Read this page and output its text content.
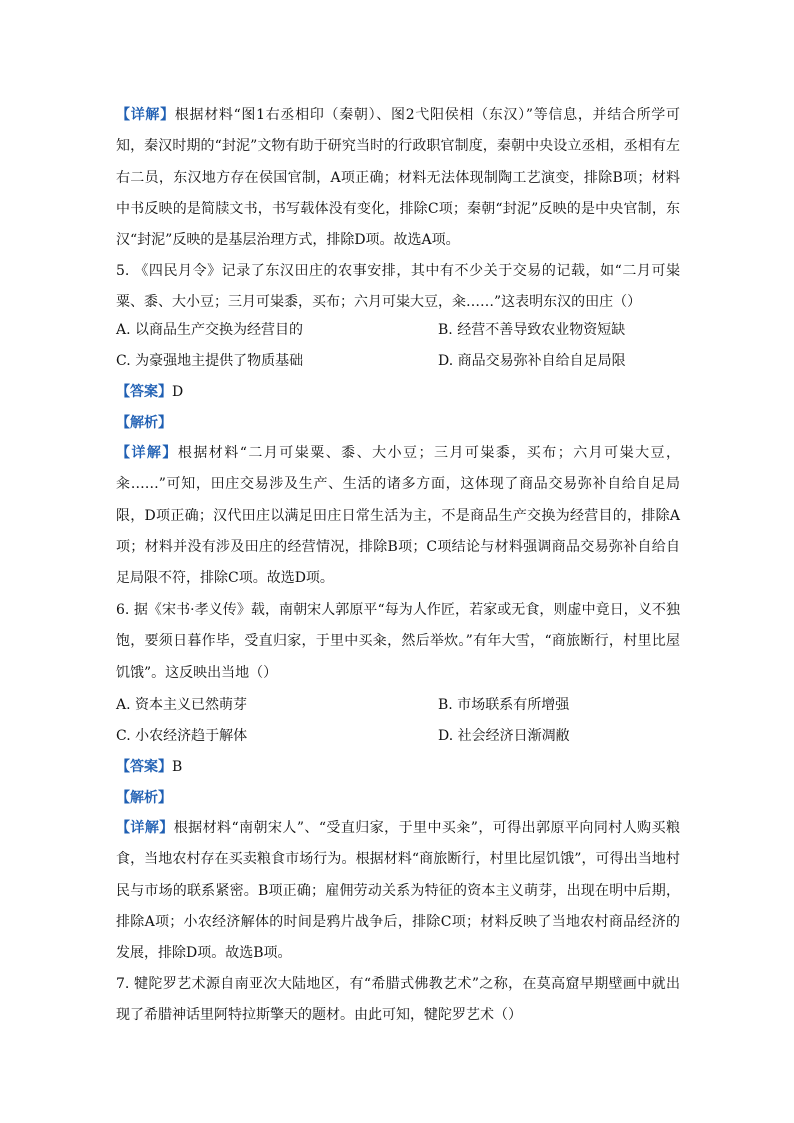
【详解】根据材料“图1右丞相印（秦朝）、图2弋阳侯相（东汉）”等信息，并结合所学可知，秦汉时期的“封泥”文物有助于研究当时的行政职官制度，秦朝中央设立丞相，丞相有左右二员，东汉地方存在侯国官制，A项正确；材料无法体现制陶工艺演变，排除B项；材料中书反映的是简牍文书，书写载体没有变化，排除C项；秦朝“封泥”反映的是中央官制，东汉“封泥”反映的是基层治理方式，排除D项。故选A项。

5. 《四民月令》记录了东汉田庄的农事安排，其中有不少关于交易的记载，如“二月可粜粟、黍、大小豆；三月可粜黍，买布；六月可粜大豆，籴……”这表明东汉的田庄（）

A. 以商品生产交换为经营目的	B. 经营不善导致农业物资短缺
C. 为豪强地主提供了物质基础	D. 商品交易弥补自给自足局限
【答案】D
【解析】

【详解】根据材料“二月可粜粟、黍、大小豆；三月可粜黍，买布；六月可粜大豆，籴……”可知，田庄交易涉及生产、生活的诸多方面，这体现了商品交易弥补自给自足局限，D项正确；汉代田庄以满足田庄日常生活为主，不是商品生产交换为经营目的，排除A项；材料并没有涉及田庄的经营情况，排除B项；C项结论与材料强调商品交易弥补自给自足局限不符，排除C项。故选D项。

6. 据《宋书·孝义传》载，南朝宋人郭原平“每为人作匠，若家或无食，则虚中竟日，义不独饱，要须日暮作毕，受直归家，于里中买籴，然后举炊。”有年大雪，“商旅断行，村里比屋饥饿”。这反映出当地（）

A. 资本主义已然萌芽	B. 市场联系有所增强
C. 小农经济趋于解体	D. 社会经济日渐凋敝
【答案】B
【解析】

【详解】根据材料“南朝宋人”、“受直归家，于里中买籴”，可得出郭原平向同村人购买粮食，当地农村存在买卖粮食市场行为。根据材料“商旅断行，村里比屋饥饿”，可得出当地村民与市场的联系紧密。B项正确；雇佣劳动关系为特征的资本主义萌芽，出现在明中后期，排除A项；小农经济解体的时间是鸦片战争后，排除C项；材料反映了当地农村商品经济的发展，排除D项。故选B项。

7. 犍陀罗艺术源自南亚次大陆地区，有“希腊式佛教艺术”之称，在莫高窟早期壁画中就出现了希腊神话里阿特拉斯擎天的题材。由此可知，犍陀罗艺术（）
